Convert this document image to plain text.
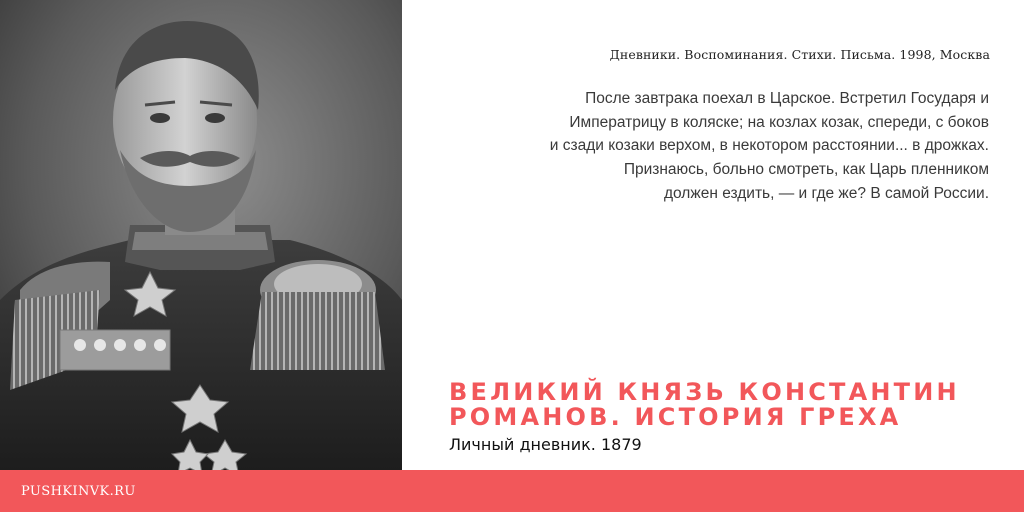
Дневники. Воспоминания. Стихи. Письма. 1998, Москва
После завтрака поехал в Царское. Встретил Государя и
Императрицу в коляске; на козлах козак, спереди, с боков
и сзади козаки верхом, в некотором расстоянии... в дрожках.
Признаюсь, больно смотреть, как Царь пленником
должен ездить, — и где же? В самой России.
ВЕЛИКИЙ КНЯЗЬ КОНСТАНТИН
РОМАНОВ. ИСТОРИЯ ГРЕХА
Личный дневник. 1879
PUSHKINVK.RU
